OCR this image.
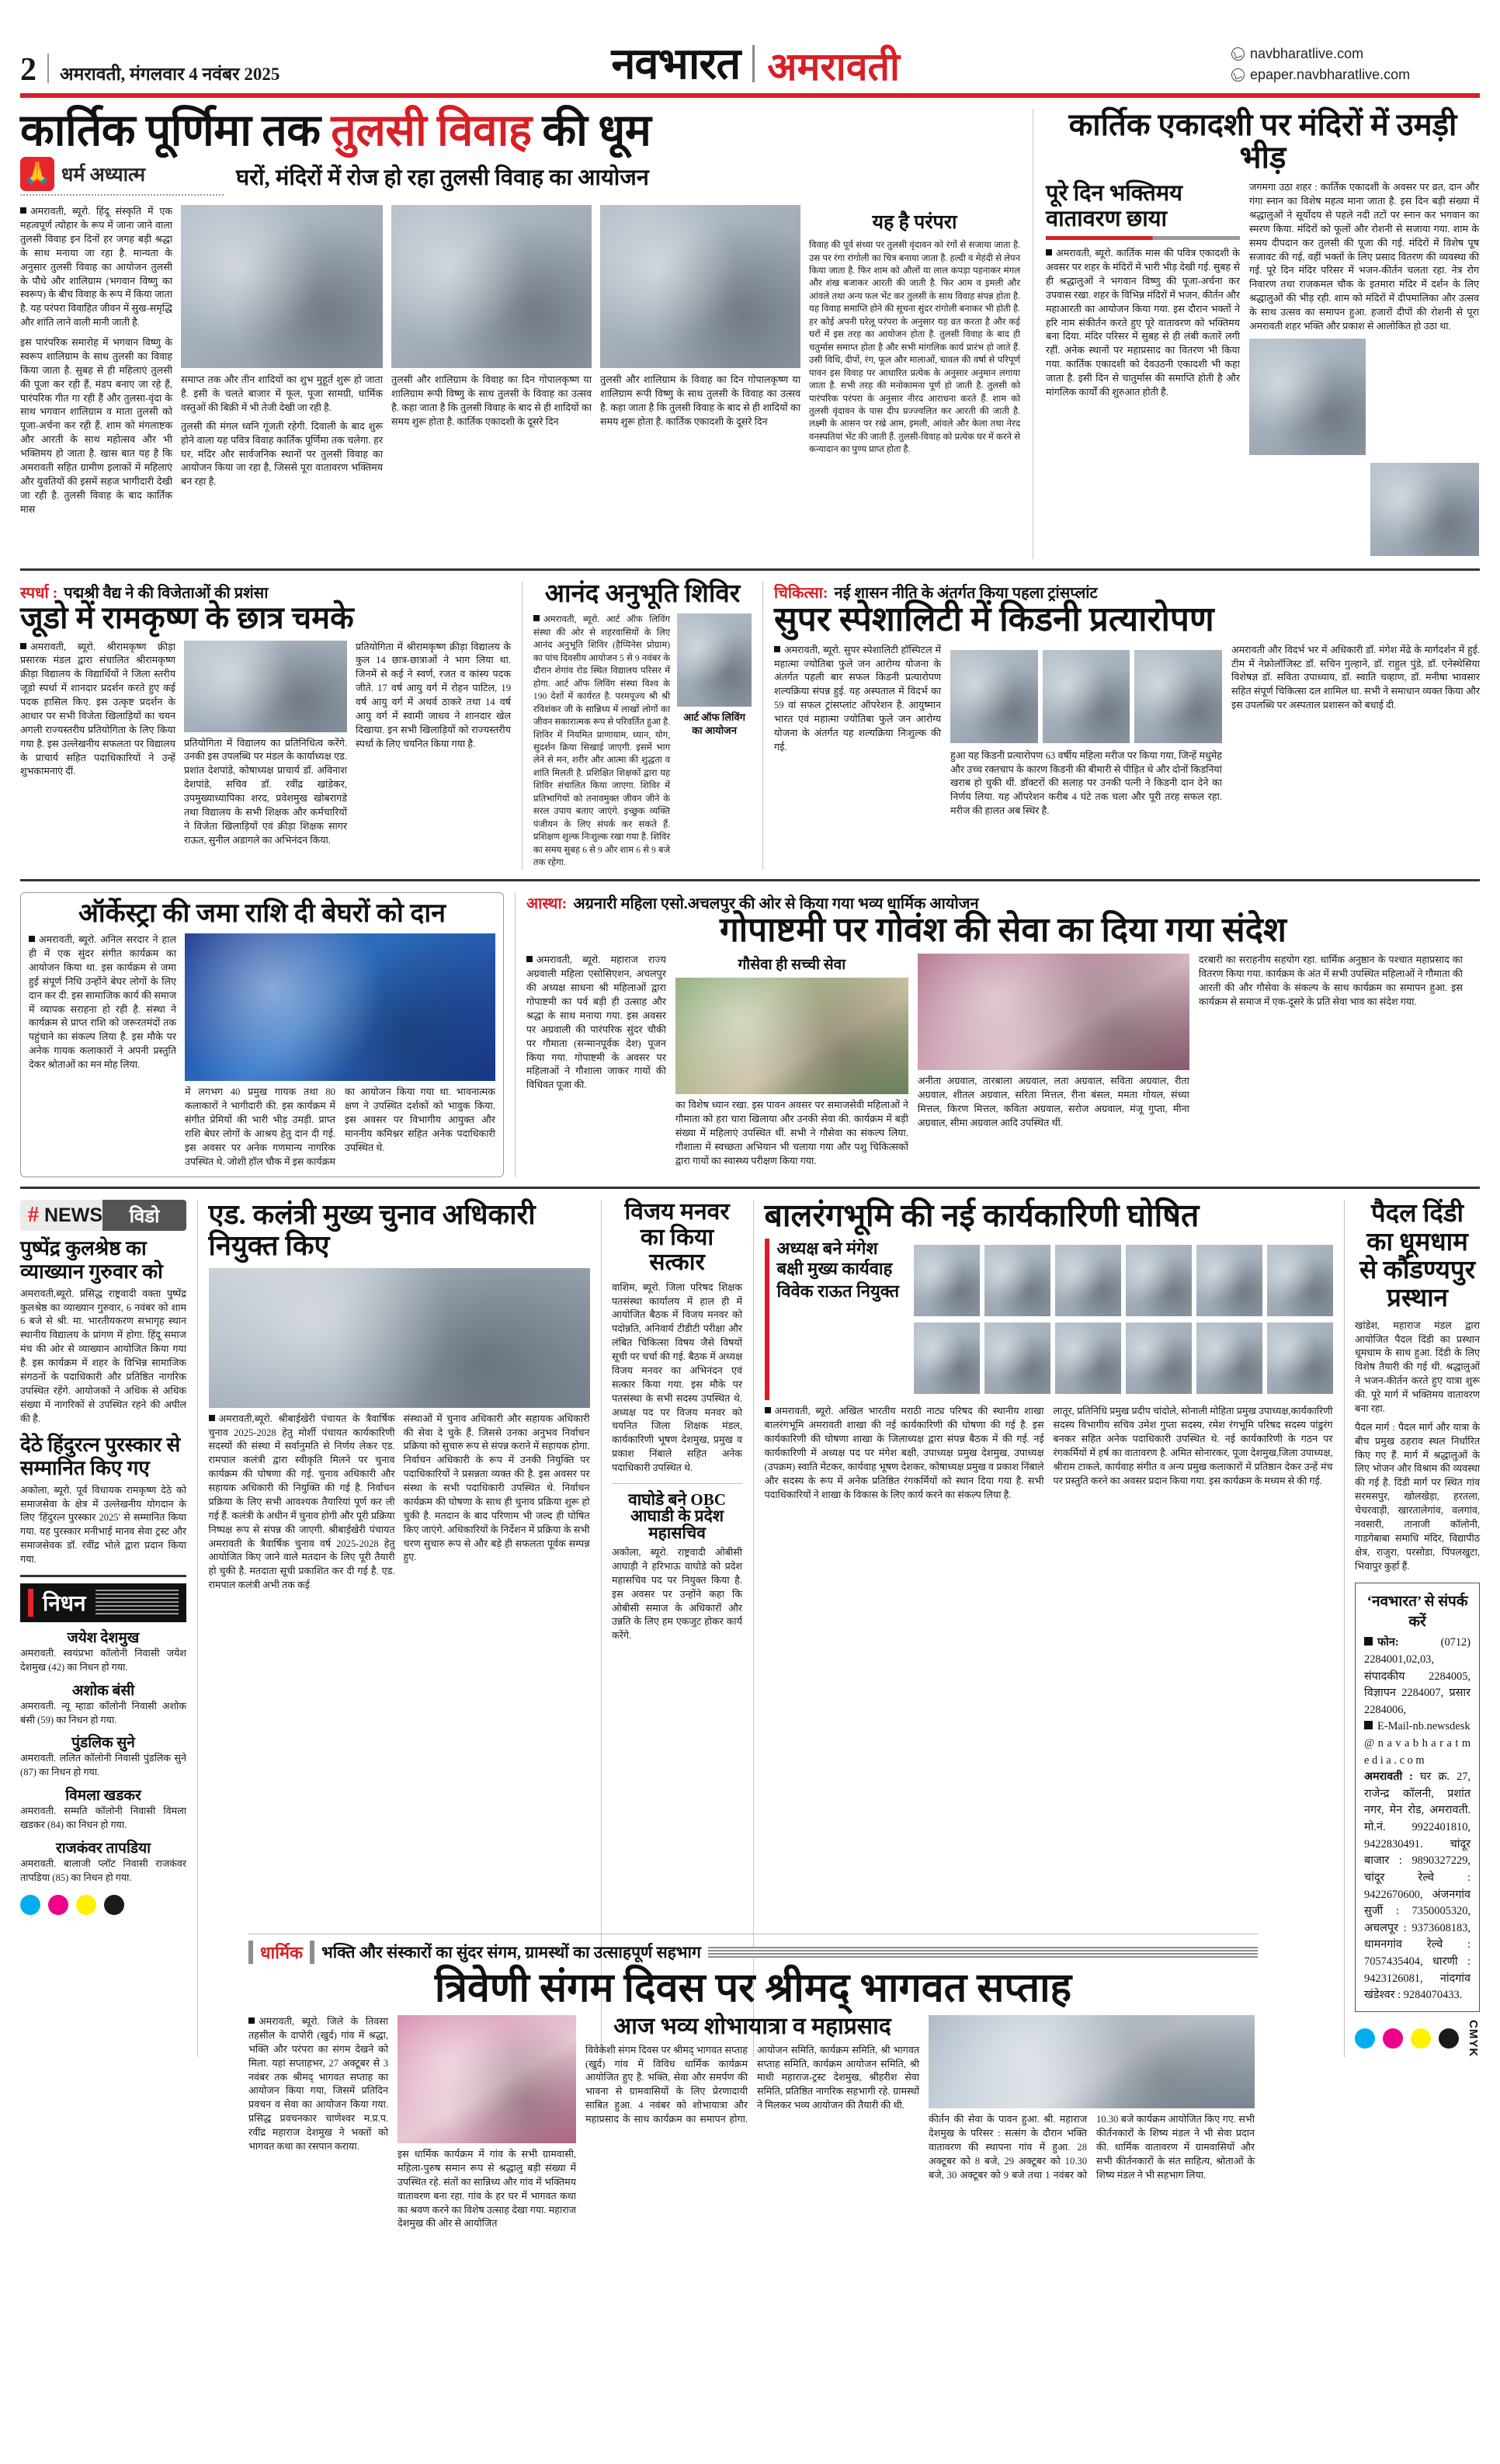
2 अमरावती, मंगलवार 4 नवंबर 2025	नवभारत अमरावती	navbharatlive.com
epaper.navbharatlive.com
कार्तिक पूर्णिमा तक तुलसी विवाह की धूम
🙏 धर्म अध्यात्म	घरों, मंदिरों में रोज हो रहा तुलसी विवाह का आयोजन

अमरावती, ब्यूरो. हिंदू संस्कृति में एक महत्वपूर्ण त्योहार के रूप में जाना जाने वाला तुलसी विवाह इन दिनों हर जगह बड़ी श्रद्धा के साथ मनाया जा रहा है. मान्यता के अनुसार तुलसी विवाह का आयोजन तुलसी के पौधे और शालिग्राम (भगवान विष्णु का स्वरूप) के बीच विवाह के रूप में किया जाता है. यह परंपरा विवाहित जीवन में सुख-समृद्धि और शांति लाने वाली मानी जाती है.

इस पारंपरिक समारोह में भगवान विष्णु के स्वरूप शालिग्राम के साथ तुलसी का विवाह किया जाता है. सुबह से ही महिलाएं तुलसी की पूजा कर रही हैं, मंडप बनाए जा रहे हैं, पारंपरिक गीत गा रही हैं और तुलसा-वृंदा के साथ भगवान शालिग्राम व माता तुलसी को पूजा-अर्चना कर रही हैं. शाम को मंगलाष्टक और आरती के साथ महोत्सव और भी भक्तिमय हो जाता है. खास बात यह है कि अमरावती सहित ग्रामीण इलाकों में महिलाएं और युवतियों की इसमें सहज भागीदारी देखी जा रही है. तुलसी विवाह के बाद कार्तिक मास

समाप्त तक और तीन शादियों का शुभ मुहूर्त शुरू हो जाता है. इसी के चलते बाजार में फूल, पूजा सामग्री, धार्मिक वस्तुओं की बिक्री में भी तेजी देखी जा रही है.

तुलसी की मंगल ध्वनि गूंजती रहेगी. दिवाली के बाद शुरू होने वाला यह पवित्र विवाह कार्तिक पूर्णिमा तक चलेगा. हर घर, मंदिर और सार्वजनिक स्थानों पर तुलसी विवाह का आयोजन किया जा रहा है, जिससे पूरा वातावरण भक्तिमय बन रहा है.

तुलसी और शालिग्राम के विवाह का दिन गोपालकृष्ण या शालिग्राम रूपी विष्णु के साथ तुलसी के विवाह का उत्सव है. कहा जाता है कि तुलसी विवाह के बाद से ही शादियों का समय शुरू होता है. कार्तिक एकादशी के दूसरे दिन

तुलसी और शालिग्राम के विवाह का दिन गोपालकृष्ण या शालिग्राम रूपी विष्णु के साथ तुलसी के विवाह का उत्सव है. कहा जाता है कि तुलसी विवाह के बाद से ही शादियों का समय शुरू होता है. कार्तिक एकादशी के दूसरे दिन

यह है परंपरा

विवाह की पूर्व संध्या पर तुलसी वृंदावन को रंगों से सजाया जाता है. उस पर रंगा रांगोली का चित्र बनाया जाता है. हल्दी व मेहंदी से लेपन किया जाता है. फिर शाम को औलों या लाल कपड़ा पहनाकर मंगल और शंख बजाकर आरती की जाती है. फिर आम व इमली और आंवले तथा अन्य फल भेंट कर तुलसी के साथ विवाह संपन्न होता है. यह विवाह समाप्ति होने की सूचना सुंदर रांगोली बनाकर भी होती है. हर कोई अपनी घरेलू परंपरा के अनुसार यह व्रत करता है और कई घरों में इस तरह का आयोजन होता है. तुलसी विवाह के बाद ही चतुर्मास समाप्त होता है और सभी मांगलिक कार्य प्रारंभ हो जाते हैं. उसी विधि, दीपों, रंग, फूल और मालाओं, चावल की वर्षा से परिपूर्ण पावन इस विवाह पर आधारित प्रत्येक के अनुसार अनुमान लगाया जाता है. सभी तरह की मनोकामना पूर्ण हो जाती है. तुलसी को पारंपरिक परंपरा के अनुसार नीरद आराधना करते हैं. शाम को तुलसी वृंदावन के पास दीप प्रज्ज्वलित कर आरती की जाती है. लक्ष्मी के आसन पर रखे आम, इमली, आंवले और केला तथा नेरद वनस्पतियां भेंट की जाती हैं. तुलसी-विवाह को प्रत्येक घर में करने से कन्यादान का पुण्य प्राप्त होता है.

कार्तिक एकादशी पर मंदिरों में उमड़ी भीड़
पूरे दिन भक्तिमय वातावरण छाया

अमरावती, ब्यूरो. कार्तिक मास की पवित्र एकादशी के अवसर पर शहर के मंदिरों में भारी भीड़ देखी गई. सुबह से ही श्रद्धालुओं ने भगवान विष्णु की पूजा-अर्चना कर उपवास रखा. शहर के विभिन्न मंदिरों में भजन, कीर्तन और महाआरती का आयोजन किया गया. इस दौरान भक्तों ने हरि नाम संकीर्तन करते हुए पूरे वातावरण को भक्तिमय बना दिया. मंदिर परिसर में सुबह से ही लंबी कतारें लगी रहीं. अनेक स्थानों पर महाप्रसाद का वितरण भी किया गया. कार्तिक एकादशी को देवउठनी एकादशी भी कहा जाता है. इसी दिन से चातुर्मास की समाप्ति होती है और मांगलिक कार्यों की शुरुआत होती है.

जगमगा उठा शहर : कार्तिक एकादशी के अवसर पर व्रत, दान और गंगा स्नान का विशेष महत्व माना जाता है. इस दिन बड़ी संख्या में श्रद्धालुओं ने सूर्योदय से पहले नदी तटों पर स्नान कर भगवान का स्मरण किया. मंदिरों को फूलों और रोशनी से सजाया गया. शाम के समय दीपदान कर तुलसी की पूजा की गई. मंदिरों में विशेष पूष सजावट की गई, वहीं भक्तों के लिए प्रसाद वितरण की व्यवस्था की गई. पूरे दिन मंदिर परिसर में भजन-कीर्तन चलता रहा. नेत्र रोग निवारण तथा राजकमल चौक के इतमारा मंदिर में दर्शन के लिए श्रद्धालुओं की भीड़ रही. शाम को मंदिरों में दीपमालिका और उत्सव के साथ उत्सव का समापन हुआ. हजारों दीपों की रोशनी से पूरा अमरावती शहर भक्ति और प्रकाश से आलोकित हो उठा था.

स्पर्धा : पद्मश्री वैद्य ने की विजेताओं की प्रशंसा
जूडो में रामकृष्ण के छात्र चमके

अमरावती, ब्यूरो. श्रीरामकृष्ण क्रीड़ा प्रसारक मंडल द्वारा संचालित श्रीरामकृष्ण क्रीड़ा विद्यालय के विद्यार्थियों ने जिला स्तरीय जूडो स्पर्धा में शानदार प्रदर्शन करते हुए कई पदक हासिल किए. इस उत्कृष्ट प्रदर्शन के आधार पर सभी विजेता खिलाड़ियों का चयन अगली राज्यस्तरीय प्रतियोगिता के लिए किया गया है. इस उल्लेखनीय सफलता पर विद्यालय के प्राचार्य सहित पदाधिकारियों ने उन्हें शुभकामनाएं दीं.

प्रतियोगिता में विद्यालय का प्रतिनिधित्व करेंगे. उनकी इस उपलब्धि पर मंडल के कार्याध्यक्ष एड. प्रशांत देशपांडे, कोषाध्यक्ष प्राचार्य डॉ. अविनाश देशपांडे, सचिव डॉ. रवींद्र खांडेकर, उपमुख्याध्यापिका शरद, प्रवेशमुख खोबरागडे तथा विद्यालय के सभी शिक्षक और कर्मचारियों ने विजेता खिलाड़ियों एवं क्रीड़ा शिक्षक सागर राऊत, सुनील अडागले का अभिनंदन किया.

प्रतियोगिता में श्रीरामकृष्ण क्रीड़ा विद्यालय के कुल 14 छात्र-छात्राओं ने भाग लिया था. जिनमें से कई ने स्वर्ण, रजत व कांस्य पदक जीते. 17 वर्ष आयु वर्ग में रोहन पाटिल, 19 वर्ष आयु वर्ग में अथर्व ठाकरे तथा 14 वर्ष आयु वर्ग में स्वामी जाधव ने शानदार खेल दिखाया. इन सभी खिलाड़ियों को राज्यस्तरीय स्पर्धा के लिए चयनित किया गया है.

आनंद अनुभूति शिविर

अमरावती, ब्यूरो. आर्ट ऑफ लिविंग संस्था की ओर से शहरवासियों के लिए आनंद अनुभूति शिविर (हैप्पिनेस प्रोग्राम) का पांच दिवसीय आयोजन 5 से 9 नवंबर के दौरान शेगांव रोड स्थित विद्यालय परिसर में होगा. आर्ट ऑफ लिविंग संस्था विश्व के 190 देशों में कार्यरत है. परमपूज्य श्री श्री रविशंकर जी के सान्निध्य में लाखों लोगों का जीवन सकारात्मक रूप से परिवर्तित हुआ है. शिविर में नियमित प्राणायाम, ध्यान, योग, सुदर्शन क्रिया सिखाई जाएगी. इसमें भाग लेने से मन, शरीर और आत्मा की शुद्धता व शांति मिलती है. प्रशिक्षित शिक्षकों द्वारा यह शिविर संचालित किया जाएगा. शिविर में प्रतिभागियों को तनावमुक्त जीवन जीने के सरल उपाय बताए जाएंगे. इच्छुक व्यक्ति पंजीयन के लिए संपर्क कर सकते हैं. प्रशिक्षण शुल्क निःशुल्क रखा गया है. शिविर का समय सुबह 6 से 9 और शाम 6 से 9 बजे तक रहेगा.

आर्ट ऑफ लिविंग का आयोजन
चिकित्सा: नई शासन नीति के अंतर्गत किया पहला ट्रांसप्लांट
सुपर स्पेशालिटी में किडनी प्रत्यारोपण

अमरावती, ब्यूरो. सुपर स्पेशालिटी हॉस्पिटल में महात्मा ज्योतिबा फुले जन आरोग्य योजना के अंतर्गत पहली बार सफल किडनी प्रत्यारोपण शल्यक्रिया संपन्न हुई. यह अस्पताल में विदर्भ का 59 वां सफल ट्रांसप्लांट ऑपरेशन है. आयुष्मान भारत एवं महात्मा ज्योतिबा फुले जन आरोग्य योजना के अंतर्गत यह शल्यक्रिया निःशुल्क की गई.

हुआ यह किडनी प्रत्यारोपण 63 वर्षीय महिला मरीज पर किया गया, जिन्हें मधुमेह और उच्च रक्तचाप के कारण किडनी की बीमारी से पीड़ित थे और दोनों किडनियां खराब हो चुकी थीं. डॉक्टरों की सलाह पर उनकी पत्नी ने किडनी दान देने का निर्णय लिया. यह ऑपरेशन करीब 4 घंटे तक चला और पूरी तरह सफल रहा. मरीज की हालत अब स्थिर है.

अमरावती और विदर्भ भर में अधिकारी डॉ. मंगेश मेंढे के मार्गदर्शन में हुई. टीम में नेफ्रोलॉजिस्ट डॉ. सचिन गुल्हाने, डॉ. राहुल पुंडे, डॉ. एनेस्थेसिया विशेषज्ञ डॉ. सविता उपाध्याय, डॉ. स्वाति चव्हाण, डॉ. मनीषा भावसार सहित संपूर्ण चिकित्सा दल शामिल था. सभी ने समाधान व्यक्त किया और इस उपलब्धि पर अस्पताल प्रशासन को बधाई दी.

ऑर्केस्ट्रा की जमा राशि दी बेघरों को दान

अमरावती, ब्यूरो. अनिल सरदार ने हाल ही में एक सुंदर संगीत कार्यक्रम का आयोजन किया था. इस कार्यक्रम से जमा हुई संपूर्ण निधि उन्होंने बेघर लोगों के लिए दान कर दी. इस सामाजिक कार्य की समाज में व्यापक सराहना हो रही है. संस्था ने कार्यक्रम से प्राप्त राशि को जरूरतमंदों तक पहुंचाने का संकल्प लिया है. इस मौके पर अनेक गायक कलाकारों ने अपनी प्रस्तुति देकर श्रोताओं का मन मोह लिया.

में लगभग 40 प्रमुख गायक तथा 80 कलाकारों ने भागीदारी की. इस कार्यक्रम में संगीत प्रेमियों की भारी भीड़ उमड़ी. प्राप्त राशि बेघर लोगों के आश्रय हेतु दान दी गई. इस अवसर पर अनेक गणमान्य नागरिक उपस्थित थे. जोशी हॉल चौक में इस कार्यक्रम का आयोजन किया गया था. भावनात्मक क्षण ने उपस्थित दर्शकों को भावुक किया. इस अवसर पर विभागीय आयुक्त और माननीय कमिश्नर सहित अनेक पदाधिकारी उपस्थित थे.

आस्था: अग्रनारी महिला एसो.अचलपुर की ओर से किया गया भव्य धार्मिक आयोजन
गोपाष्टमी पर गोवंश की सेवा का दिया गया संदेश

अमरावती, ब्यूरो. महाराज राज्य अग्रवाली महिला एसोसिएशन, अचलपुर की अध्यक्ष साधना श्री महिलाओं द्वारा गोपाष्टमी का पर्व बड़ी ही उत्साह और श्रद्धा के साथ मनाया गया. इस अवसर पर अग्रवाली की पारंपरिक सुंदर चौकी पर गौमाता (सन्मानपूर्वक देश) पूजन किया गया. गोपाष्टमी के अवसर पर महिलाओं ने गौशाला जाकर गायों की विधिवत पूजा की.

गौसेवा ही सच्ची सेवा

का विशेष ध्यान रखा. इस पावन अवसर पर समाजसेवी महिलाओं ने गौमाता को हरा चारा खिलाया और उनकी सेवा की. कार्यक्रम में बड़ी संख्या में महिलाएं उपस्थित थीं. सभी ने गौसेवा का संकल्प लिया. गौशाला में स्वच्छता अभियान भी चलाया गया और पशु चिकित्सकों द्वारा गायों का स्वास्थ्य परीक्षण किया गया.

अनीता अग्रवाल, तारबाला अग्रवाल, लता अग्रवाल, सविता अग्रवाल, रीता अग्रवाल, शीतल अग्रवाल, सरिता मित्तल, रीना बंसल, ममता गोयल, संध्या मित्तल, किरण मित्तल, कविता अग्रवाल, सरोज अग्रवाल, मंजू गुप्ता, मीना अग्रवाल, सीमा अग्रवाल आदि उपस्थित थीं.

दरबारी का सराहनीय सहयोग रहा. धार्मिक अनुष्ठान के पश्चात महाप्रसाद का वितरण किया गया. कार्यक्रम के अंत में सभी उपस्थित महिलाओं ने गौमाता की आरती की और गौसेवा के संकल्प के साथ कार्यक्रम का समापन हुआ. इस कार्यक्रम से समाज में एक-दूसरे के प्रति सेवा भाव का संदेश गया.

# NEWS	विडो
पुष्पेंद्र कुलश्रेष्ठ का व्याख्यान गुरुवार को

अमरावती,ब्यूरो. प्रसिद्ध राष्ट्रवादी वक्ता पुष्पेंद्र कुलश्रेष्ठ का व्याख्यान गुरुवार, 6 नवंबर को शाम 6 बजे से श्री. मा. भारतीयकरण सभागृह स्थान स्थानीय विद्यालय के प्रांगण में होगा. हिंदू समाज मंच की ओर से व्याख्यान आयोजित किया गया है. इस कार्यक्रम में शहर के विभिन्न सामाजिक संगठनों के पदाधिकारी और प्रतिष्ठित नागरिक उपस्थित रहेंगे. आयोजकों ने अधिक से अधिक संख्या में नागरिकों से उपस्थित रहने की अपील की है.

देठे हिंदुरत्न पुरस्कार से सम्मानित किए गए

अकोला, ब्यूरो. पूर्व विधायक रामकृष्ण देठे को समाजसेवा के क्षेत्र में उल्लेखनीय योगदान के लिए 'हिंदुरत्न पुरस्कार 2025' से सम्मानित किया गया. यह पुरस्कार मनीभाई मानव सेवा ट्रस्ट और समाजसेवक डॉ. रवींद्र भोले द्वारा प्रदान किया गया.

निधन
जयेश देशमुख

अमरावती. स्वयंप्रभा कॉलोनी निवासी जयेश देशमुख (42) का निधन हो गया.

अशोक बंसी

अमरावती. न्यू म्हाडा कॉलोनी निवासी अशोक बंसी (59) का निधन हो गया.

पुंडलिक सुने

अमरावती. ललित कॉलोनी निवासी पुंडलिक सुने (87) का निधन हो गया.

विमला खडकर

अमरावती. सम्मति कॉलोनी निवासी विमला खडकर (84) का निधन हो गया.

राजकंवर तापडिया

अमरावती. बालाजी प्लॉट निवासी राजकंवर तापडिया (85) का निधन हो गया.

एड. कलंत्री मुख्य चुनाव अधिकारी नियुक्त किए

अमरावती,ब्यूरो. श्रीबाईखेरी पंचायत के त्रैवार्षिक चुनाव 2025-2028 हेतु मोर्शी पंचायत कार्यकारिणी सदस्यों की संस्था में सर्वानुमति से निर्णय लेकर एड. रामपाल कलंत्री द्वारा स्वीकृति मिलने पर चुनाव कार्यक्रम की घोषणा की गई. चुनाव अधिकारी और सहायक अधिकारी की नियुक्ति की गई है. निर्वाचन प्रक्रिया के लिए सभी आवश्यक तैयारियां पूर्ण कर ली गई हैं. कलंत्री के अधीन में चुनाव होगी और पूरी प्रक्रिया निष्पक्ष रूप से संपन्न की जाएगी. श्रीबाईखेरी पंचायत अमरावती के त्रैवार्षिक चुनाव वर्ष 2025-2028 हेतु आयोजित किए जाने वाले मतदान के लिए पूरी तैयारी हो चुकी है. मतदाता सूची प्रकाशित कर दी गई है. एड. रामपाल कलंत्री अभी तक कई

संस्थाओं में चुनाव अधिकारी और सहायक अधिकारी की सेवा दे चुके हैं. जिससे उनका अनुभव निर्वाचन प्रक्रिया को सुचारु रूप से संपन्न कराने में सहायक होगा. निर्वाचन अधिकारी के रूप में उनकी नियुक्ति पर पदाधिकारियों ने प्रसन्नता व्यक्त की है. इस अवसर पर संस्था के सभी पदाधिकारी उपस्थित थे. निर्वाचन कार्यक्रम की घोषणा के साथ ही चुनाव प्रक्रिया शुरू हो चुकी है. मतदान के बाद परिणाम भी जल्द ही घोषित किए जाएंगे. अधिकारियों के निर्देशन में प्रक्रिया के सभी चरण सुचारु रूप से और बड़े ही सफलता पूर्वक सम्पन्न हुए.

विजय मनवर का किया सत्कार

वाशिम, ब्यूरो. जिला परिषद शिक्षक पतसंस्था कार्यालय में हाल ही में आयोजित बैठक में विजय मनवर को पदोन्नति, अनिवार्य टीडीटी परीक्षा और लंबित चिकित्सा विषय जैसे विषयों सूची पर चर्चा की गई. बैठक में अध्यक्ष विजय मनवर का अभिनंदन एवं सत्कार किया गया. इस मौके पर पतसंस्था के सभी सदस्य उपस्थित थे. अध्यक्ष पद पर विजय मनवर को चयनित जिला शिक्षक मंडल, कार्यकारिणी भूषण देशमुख, प्रमुख व प्रकाश निंबाले सहित अनेक पदाधिकारी उपस्थित थे.

वाघोडे बने OBC आघाडी के प्रदेश महासचिव

अकोला, ब्यूरो. राष्ट्रवादी ओबीसी आघाड़ी ने हरिभाऊ वाघोडे को प्रदेश महासचिव पद पर नियुक्त किया है. इस अवसर पर उन्होंने कहा कि ओबीसी समाज के अधिकारों और उन्नति के लिए हम एकजुट होकर कार्य करेंगे.

बालरंगभूमि की नई कार्यकारिणी घोषित
अध्यक्ष बने मंगेश बक्षी मुख्य कार्यवाह
विवेक राऊत नियुक्त

अमरावती, ब्यूरो. अखिल भारतीय मराठी नाट्य परिषद की स्थानीय शाखा बालरंगभूमि अमरावती शाखा की नई कार्यकारिणी की घोषणा की गई है. इस कार्यकारिणी की घोषणा शाखा के जिलाध्यक्ष द्वारा संपन्न बैठक में की गई. नई कार्यकारिणी में अध्यक्ष पद पर मंगेश बक्षी, उपाध्यक्ष प्रमुख देशमुख, उपाध्यक्ष (उपक्रम) स्वाति मेंटकर, कार्यवाह भूषण देशकर, कोषाध्यक्ष प्रमुख व प्रकाश निंबाले और सदस्य के रूप में अनेक प्रतिष्ठित रंगकर्मियों को स्थान दिया गया है. सभी पदाधिकारियों ने शाखा के विकास के लिए कार्य करने का संकल्प लिया है.

लातूर, प्रतिनिधि प्रमुख प्रदीप चांदोले, सोनाली मोहिता प्रमुख उपाध्यक्ष,कार्यकारिणी सदस्य विभागीय सचिव उमेश गुप्ता सदस्य, रमेश रंगभूमि परिषद सदस्य पांडुरंग बनकर सहित अनेक पदाधिकारी उपस्थित थे. नई कार्यकारिणी के गठन पर रंगकर्मियों में हर्ष का वातावरण है. अमित सोनारकर, पूजा देशमुख,जिला उपाध्यक्ष, श्रीराम टाकले, कार्यवाह संगीत व अन्य प्रमुख कलाकारों में प्रतिष्ठान देकर उन्हें मंच पर प्रस्तुति करने का अवसर प्रदान किया गया. इस कार्यक्रम के मध्यम से की गई.

पैदल दिंडी का धूमधाम से कौंडण्यपुर प्रस्थान

खांडेश, महाराज मंडल द्वारा आयोजित पैदल दिंडी का प्रस्थान धूमधाम के साथ हुआ. दिंडी के लिए विशेष तैयारी की गई थी. श्रद्धालुओं ने भजन-कीर्तन करते हुए यात्रा शुरू की. पूरे मार्ग में भक्तिमय वातावरण बना रहा.

पैदल मार्ग : पैदल मार्ग और यात्रा के बीच प्रमुख ठहराव स्थल निर्धारित किए गए हैं. मार्ग में श्रद्धालुओं के लिए भोजन और विश्राम की व्यवस्था की गई है. दिंडी मार्ग पर स्थित गांव सरमसपुर, खोलखेड़ा, हरतला, चेचरवाड़ी, खारतालेगांव, वलगांव, नवसारी, तानाजी कॉलोनी, गाडगेबाबा समाधि मंदिर, विद्यापीठ क्षेत्र, राजुरा, परसोडा, पिंपलखुटा, भिवापुर कुर्हा हैं.

‘नवभारत’ से संपर्क करें

फोन: (0712) 2284001,02,03, संपादकीय 2284005, विज्ञापन 2284007, प्रसार 2284006,

E-Mail-nb.newsdesk @ n a v a b h a r a t m e d i a . c o m

अमरावती : घर क्र. 27, राजेन्द्र कॉलनी, प्रशांत नगर, मेन रोड, अमरावती. मो.नं. 9922401810, 9422830491. चांदूर बाजार : 9890327229, चांदूर रेल्वे : 9422670600, अंजनगांव सुर्जी : 7350005320, अचलपूर : 9373608183, धामनगांव रेल्वे : 7057435404, धारणी : 9423126081, नांदगांव खंडेश्वर : 9284070433.

CMYK
धार्मिक भक्ति और संस्कारों का सुंदर संगम, ग्रामस्थों का उत्साहपूर्ण सहभाग
त्रिवेणी संगम दिवस पर श्रीमद् भागवत सप्ताह

अमरावती, ब्यूरो. जिले के तिवसा तहसील के दापोरी (खुर्द) गांव में श्रद्धा, भक्ति और परंपरा का संगम देखने को मिला. यहां सप्ताहभर, 27 अक्टूबर से 3 नवंबर तक श्रीमद् भागवत सप्ताह का आयोजन किया गया, जिसमें प्रतिदिन प्रवचन व सेवा का आयोजन किया गया. प्रसिद्ध प्रवचनकार चाणेश्वर म.प्र.प. रवींद्र महाराज देशमुख ने भक्तों को भागवत कथा का रसपान कराया.

इस धार्मिक कार्यक्रम में गांव के सभी ग्रामवासी, महिला-पुरुष समान रूप से श्रद्धालु बड़ी संख्या में उपस्थित रहे. संतों का सान्निध्य और गांव में भक्तिमय वातावरण बना रहा. गांव के हर घर में भागवत कथा का श्रवण करने का विशेष उत्साह देखा गया. महाराज देशमुख की ओर से आयोजित

आज भव्य शोभायात्रा व महाप्रसाद

विवेकेशी संगम दिवस पर श्रीमद् भागवत सप्ताह (खुर्द) गांव में विविध धार्मिक कार्यक्रम आयोजित हुए है. भक्ति, सेवा और समर्पण की भावना से ग्रामवासियों के लिए प्रेरणादायी साबित हुआ. 4 नवंबर को शोभायात्रा और महाप्रसाद के साथ कार्यक्रम का समापन होगा. आयोजन समिति, कार्यक्रम समिति, श्री भागवत सप्ताह समिति, कार्यक्रम आयोजन समिति, श्री माधी महाराज-ट्रस्ट देशमुख, श्रीहरीश सेवा समिति, प्रतिष्ठित नागरिक सहभागी रहे. ग्रामस्थों ने मिलकर भव्य आयोजन की तैयारी की थी.

कीर्तन की सेवा के पावन हुआ. श्री. महाराज देशमुख के परिसर : सत्संग के दौरान भक्ति वातावरण की स्थापना गांव में हुआ. 28 अक्टूबर को 8 बजे, 29 अक्टूबर को 10.30 बजे, 30 अक्टूबर को 9 बजे तथा 1 नवंबर को 10.30 बजे कार्यक्रम आयोजित किए गए. सभी कीर्तनकारों के शिष्य मंडल ने भी सेवा प्रदान की. धार्मिक वातावरण में ग्रामवासियों और सभी कीर्तनकारों के संत साहित्य, श्रोताओं के शिष्य मंडल ने भी सहभाग लिया.
